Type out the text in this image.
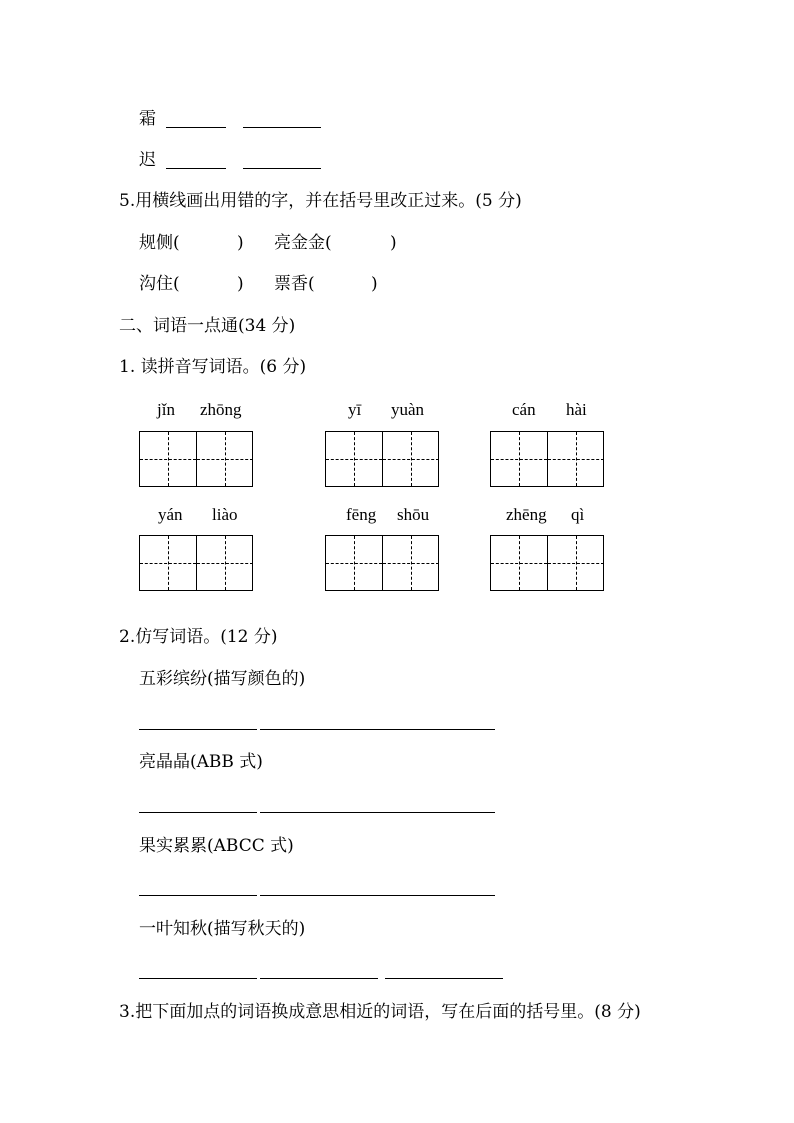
霜
迟
5.用横线画出用错的字，并在括号里改正过来。(5 分)
规侧(	) 亮金金(	)
沟住(	) 票香(	)
二、词语一点通(34 分)
1. 读拼音写词语。(6 分)
jǐn zhōng	yī yuàn	cán hài
yán liào	fēng shōu	zhēng qì
2.仿写词语。(12 分)
五彩缤纷(描写颜色的)
亮晶晶(ABB 式)
果实累累(ABCC 式)
一叶知秋(描写秋天的)
3.把下面加点的词语换成意思相近的词语，写在后面的括号里。(8 分)
